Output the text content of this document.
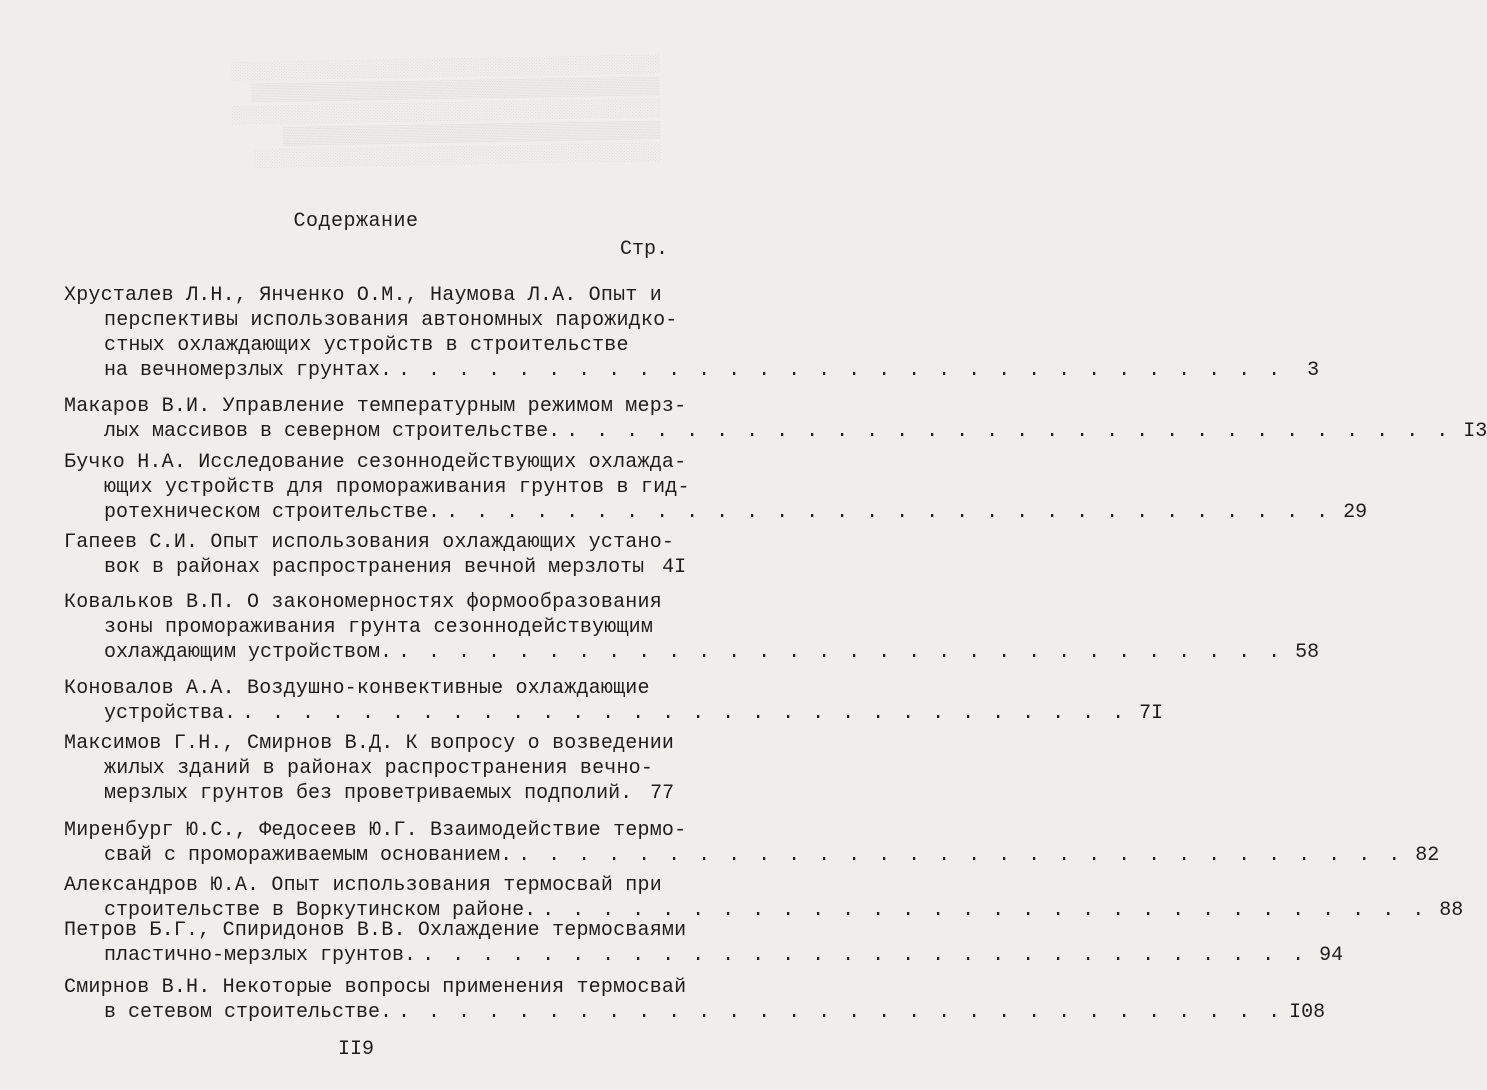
░░░░░░░░░░░░░░░░░░░░░░░░░░░░░░░░░░░░░░░░░░
▒▒▒▒▒▒▒▒▒▒▒▒▒▒▒▒▒▒▒▒▒▒▒▒▒▒▒▒▒▒▒▒▒▒▒▒▒▒▒▒
░░░░░░░░░░░░░░░░░░░░░░░░░░░░░░░░░░░░░░░░░░
▒▒▒▒▒▒▒▒▒▒▒▒▒▒▒▒▒▒▒▒▒▒▒▒▒▒▒▒▒▒▒▒▒▒▒▒▒
░░░░░░░░░░░░░░░░░░░░░░░░░░░░░░░░░░░░░░░░
Содержание
Стр.
Хрусталев Л.Н., Янченко О.М., Наумова Л.А. Опыт и
перспективы использования автономных парожидко-
стных охлаждающих устройств в строительстве
на вечномерзлых грунтах. . . . . . . . . . . . . . . . . . . . . . . . . . . . . . .	3
Макаров В.И. Управление температурным режимом мерз-
лых массивов в северном строительстве. . . . . . . . . . . . . . . . . . . . . . . . . . . . . . . I3
Бучко Н.А. Исследование сезоннодействующих охлажда-
ющих устройств для промораживания грунтов в гид-
ротехническом строительстве. . . . . . . . . . . . . . . . . . . . . . . . . . . . . . . 29
Гапеев С.И. Опыт использования охлаждающих устано-
вок в районах распространения вечной мерзлоты 4I
Ковальков В.П. О закономерностях формообразования
зоны промораживания грунта сезоннодействующим
охлаждающим устройством. . . . . . . . . . . . . . . . . . . . . . . . . . . . . . . 58
Коновалов А.А. Воздушно-конвективные охлаждающие
устройства. . . . . . . . . . . . . . . . . . . . . . . . . . . . . . . 7I
Максимов Г.Н., Смирнов В.Д. К вопросу о возведении
жилых зданий в районах распространения вечно-
мерзлых грунтов без проветриваемых подполий. 77
Миренбург Ю.С., Федосеев Ю.Г. Взаимодействие термо-
свай с промораживаемым основанием. . . . . . . . . . . . . . . . . . . . . . . . . . . . . . . 82
Александров Ю.А. Опыт использования термосвай при
строительстве в Воркутинском районе. . . . . . . . . . . . . . . . . . . . . . . . . . . . . . . 88
Петров Б.Г., Спиридонов В.В. Охлаждение термосваями
пластично-мерзлых грунтов. . . . . . . . . . . . . . . . . . . . . . . . . . . . . . . 94
Смирнов В.Н. Некоторые вопросы применения термосвай
в сетевом строительстве. . . . . . . . . . . . . . . . . . . . . . . . . . . . . . . I08
II9
